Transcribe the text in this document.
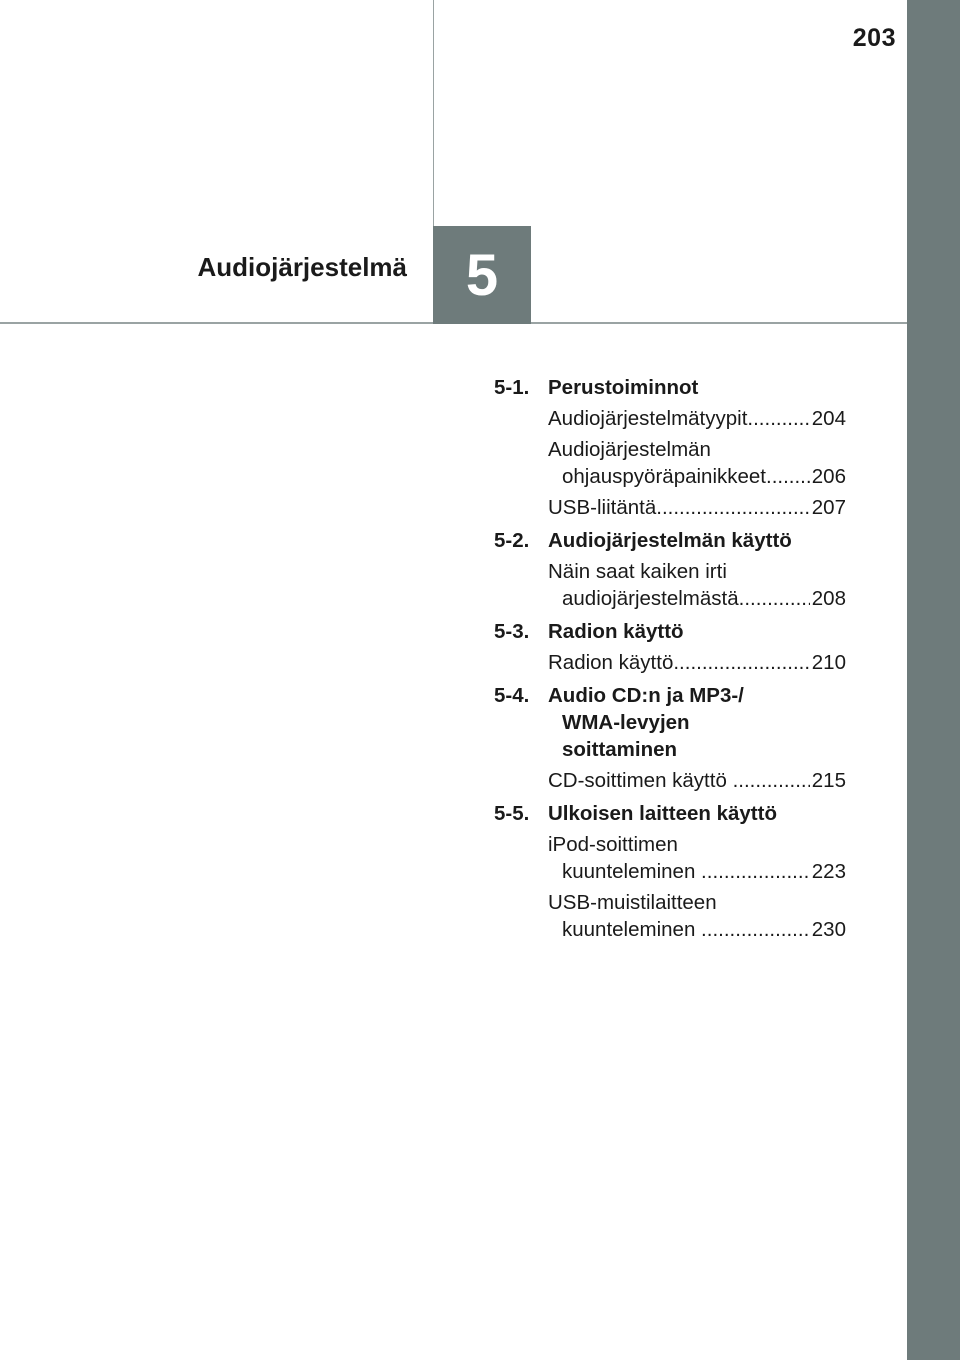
203
Audiojärjestelmä 5
5-1. Perustoiminnot
Audiojärjestelmätyypit .....	204
Audiojärjestelmän
ohjauspyöräpainikkeet ..... 206
USB-liitäntä .....	207
5-2. Audiojärjestelmän käyttö
Näin saat kaiken irti
audiojärjestelmästä .....	208
5-3. Radion käyttö
Radion käyttö .....	210
5-4. Audio CD:n ja MP3-/
WMA-levyjen
soittaminen
CD-soittimen käyttö .....	215
5-5. Ulkoisen laitteen käyttö
iPod-soittimen
kuunteleminen .....	223
USB-muistilaitteen
kuunteleminen .....	230
